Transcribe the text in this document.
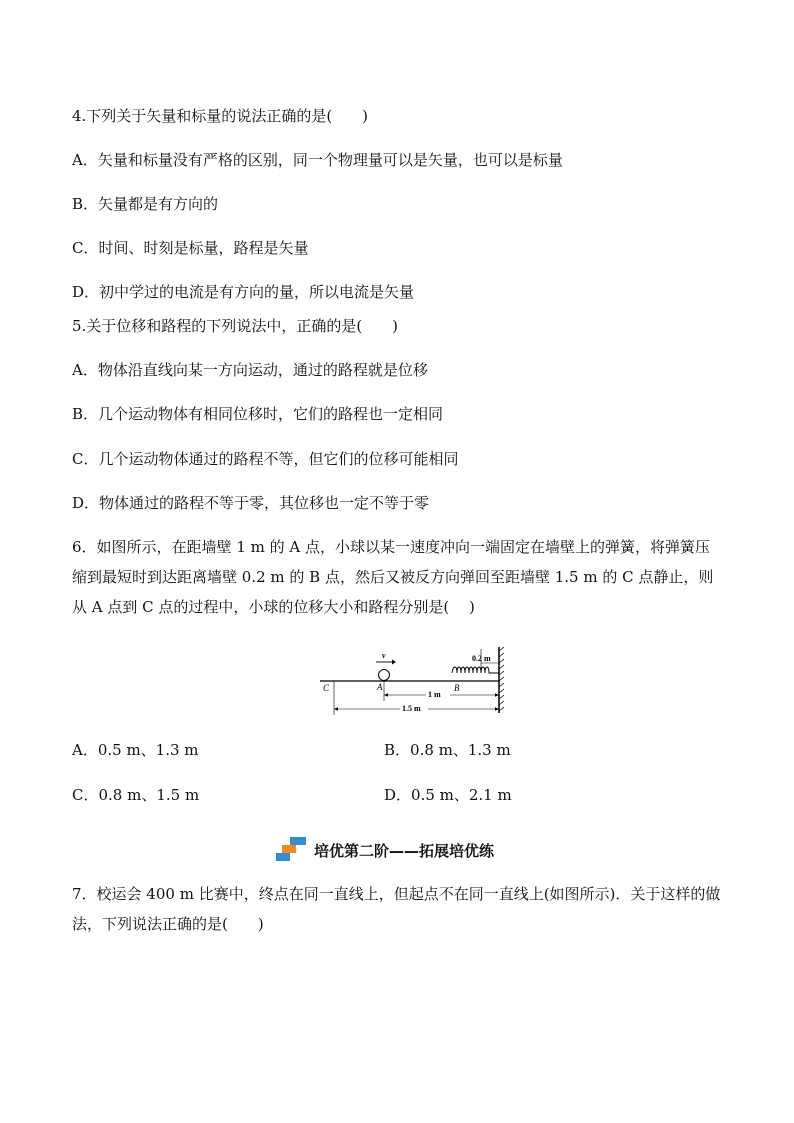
4.下列关于矢量和标量的说法正确的是(　　)
A．矢量和标量没有严格的区别，同一个物理量可以是矢量，也可以是标量
B．矢量都是有方向的
C．时间、时刻是标量，路程是矢量
D．初中学过的电流是有方向的量，所以电流是矢量
5.关于位移和路程的下列说法中，正确的是(　　)
A．物体沿直线向某一方向运动，通过的路程就是位移
B．几个运动物体有相同位移时，它们的路程也一定相同
C．几个运动物体通过的路程不等，但它们的位移可能相同
D．物体通过的路程不等于零，其位移也一定不等于零
6．如图所示，在距墙壁 1 m 的 A 点，小球以某一速度冲向一端固定在墙壁上的弹簧，将弹簧压缩到最短时到达距离墙壁 0.2 m 的 B 点，然后又被反方向弹回至距墙壁 1.5 m 的 C 点静止，则从 A 点到 C 点的过程中，小球的位移大小和路程分别是(　 )
v
C	A	B
0.2 m
1 m
1.5 m
A．0.5 m、1.3 m	B．0.8 m、1.3 m
C．0.8 m、1.5 m	D．0.5 m、2.1 m
培优第二阶——拓展培优练
7．校运会 400 m 比赛中，终点在同一直线上，但起点不在同一直线上(如图所示)．关于这样的做法，下列说法正确的是(　　)
